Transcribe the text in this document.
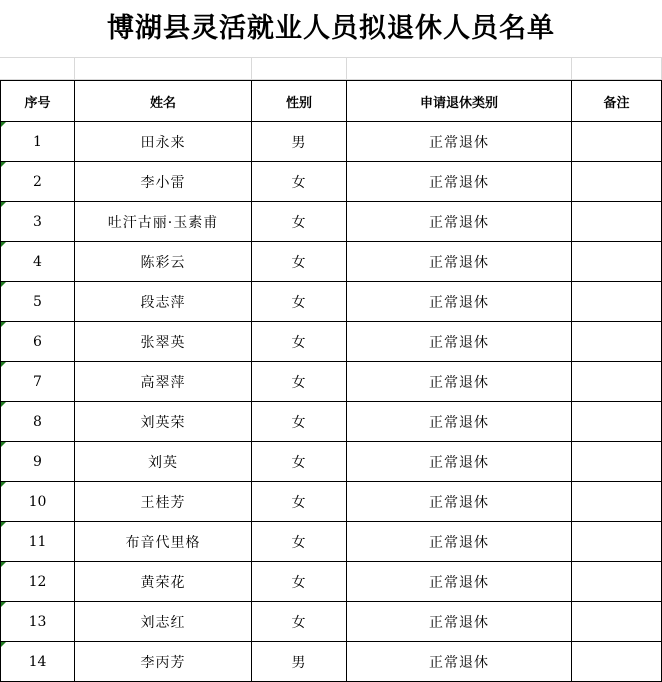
博湖县灵活就业人员拟退休人员名单
序号	姓名	性别	申请退休类别	备注

1	田永来	男	正常退休	

2	李小雷	女	正常退休	

3	吐汗古丽·玉素甫	女	正常退休	

4	陈彩云	女	正常退休	

5	段志萍	女	正常退休	

6	张翠英	女	正常退休	

7	高翠萍	女	正常退休	

8	刘英荣	女	正常退休	

9	刘英	女	正常退休	

10	王桂芳	女	正常退休	

11	布音代里格	女	正常退休	

12	黄荣花	女	正常退休	

13	刘志红	女	正常退休	

14	李丙芳	男	正常退休	
